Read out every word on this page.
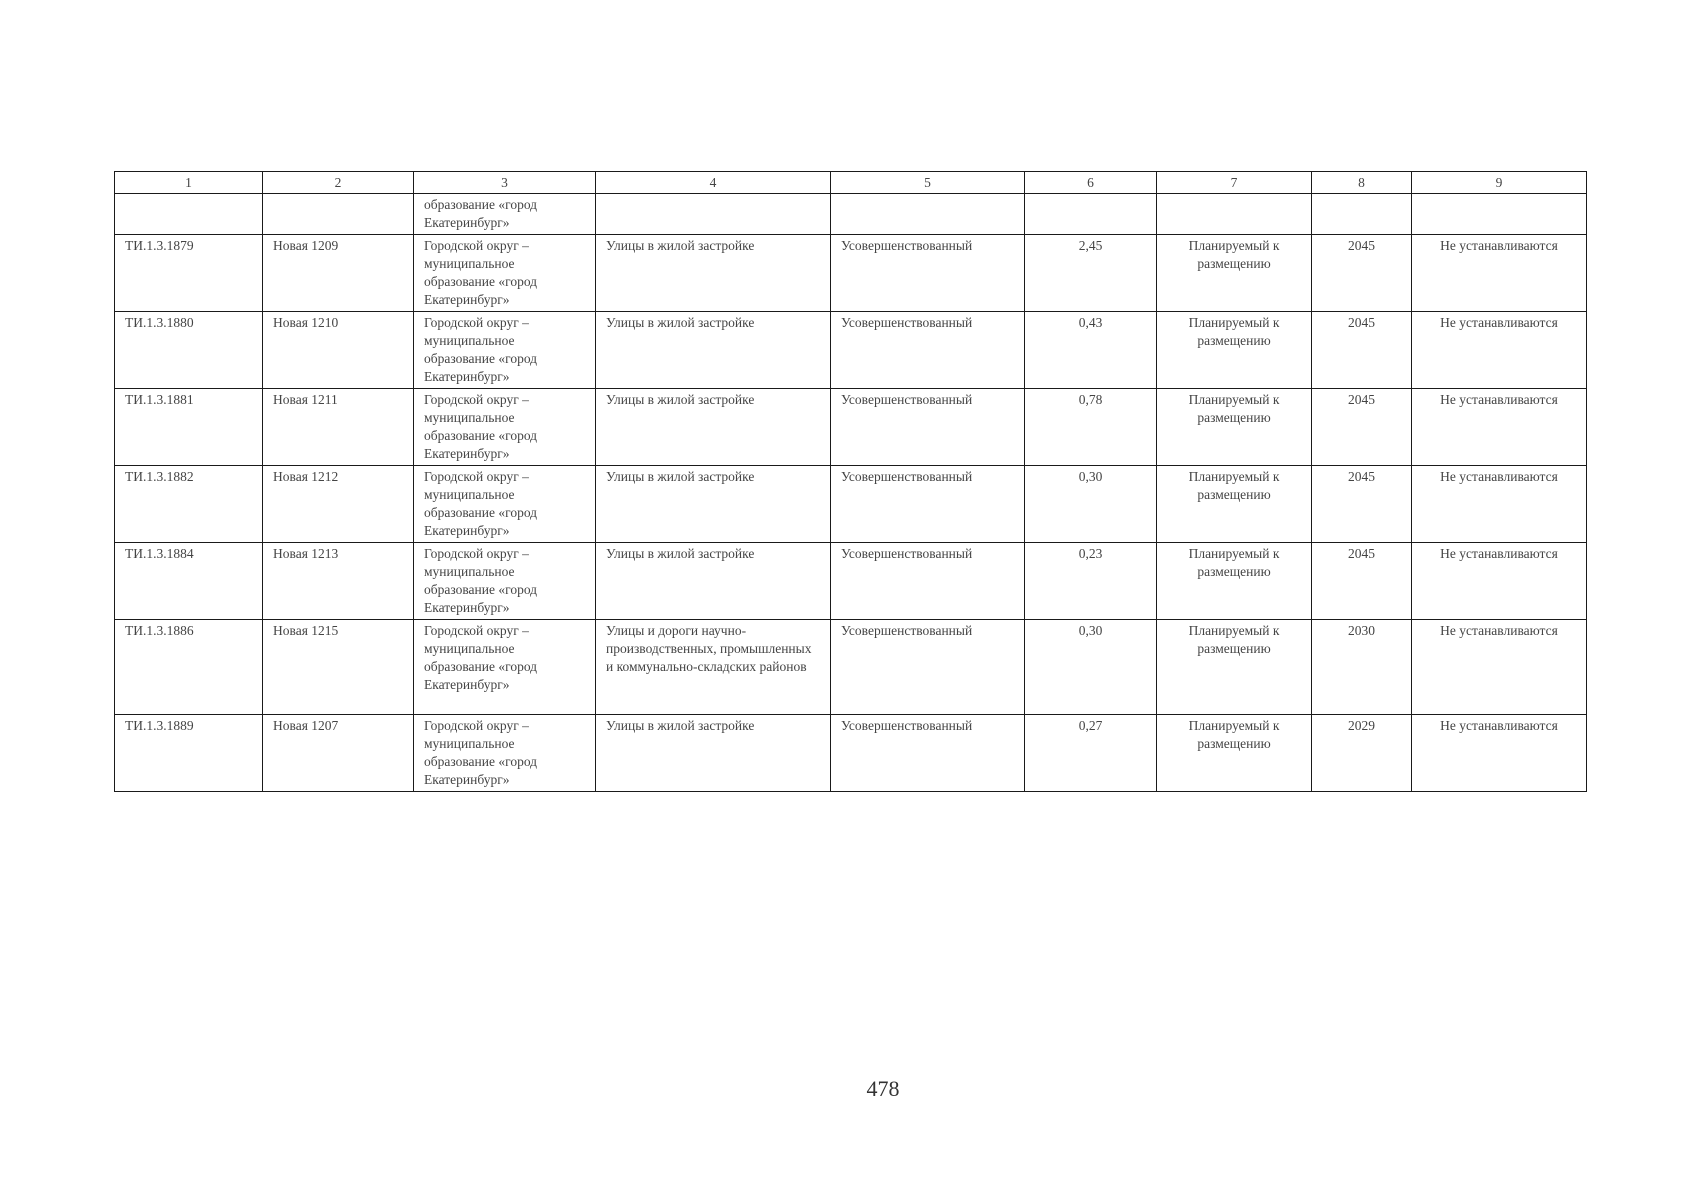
1	2	3	4	5	6	7	8	9
		образование «город Екатеринбург»						
ТИ.1.3.1879	Новая 1209	Городской округ – муниципальное образование «город Екатеринбург»	Улицы в жилой застройке	Усовершенствованный	2,45	Планируемый к размещению	2045	Не устанавливаются
ТИ.1.3.1880	Новая 1210	Городской округ – муниципальное образование «город Екатеринбург»	Улицы в жилой застройке	Усовершенствованный	0,43	Планируемый к размещению	2045	Не устанавливаются
ТИ.1.3.1881	Новая 1211	Городской округ – муниципальное образование «город Екатеринбург»	Улицы в жилой застройке	Усовершенствованный	0,78	Планируемый к размещению	2045	Не устанавливаются
ТИ.1.3.1882	Новая 1212	Городской округ – муниципальное образование «город Екатеринбург»	Улицы в жилой застройке	Усовершенствованный	0,30	Планируемый к размещению	2045	Не устанавливаются
ТИ.1.3.1884	Новая 1213	Городской округ – муниципальное образование «город Екатеринбург»	Улицы в жилой застройке	Усовершенствованный	0,23	Планируемый к размещению	2045	Не устанавливаются
ТИ.1.3.1886	Новая 1215	Городской округ – муниципальное образование «город Екатеринбург»	Улицы и дороги научно-производственных, промышленных и коммунально-складских районов	Усовершенствованный	0,30	Планируемый к размещению	2030	Не устанавливаются
ТИ.1.3.1889	Новая 1207	Городской округ – муниципальное образование «город Екатеринбург»	Улицы в жилой застройке	Усовершенствованный	0,27	Планируемый к размещению	2029	Не устанавливаются
478
